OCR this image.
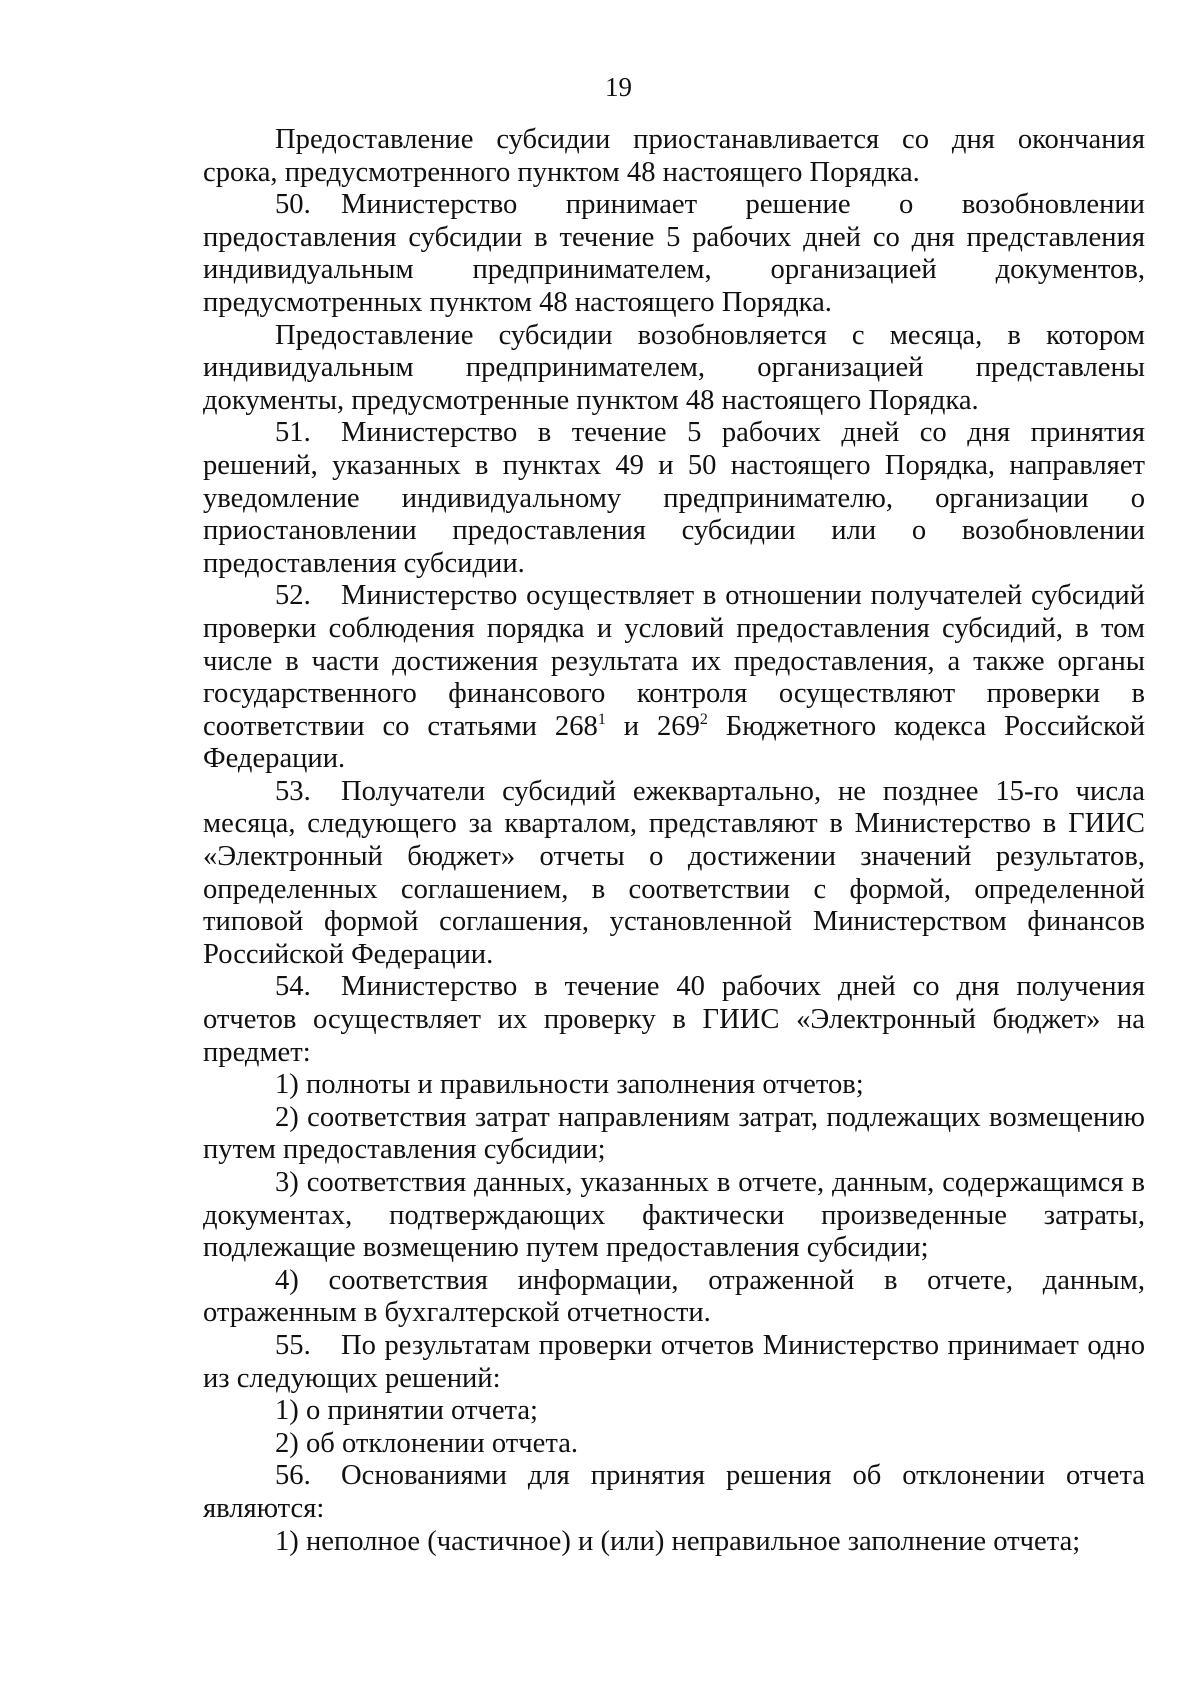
19

Предоставление субсидии приостанавливается со дня окончания срока, предусмотренного пунктом 48 настоящего Порядка.

50. Министерство принимает решение о возобновлении предоставления субсидии в течение 5 рабочих дней со дня представления индивидуальным предпринимателем, организацией документов, предусмотренных пунктом 48 настоящего Порядка.

Предоставление субсидии возобновляется с месяца, в котором индивидуальным предпринимателем, организацией представлены документы, предусмотренные пунктом 48 настоящего Порядка.

51. Министерство в течение 5 рабочих дней со дня принятия решений, указанных в пунктах 49 и 50 настоящего Порядка, направляет уведомление индивидуальному предпринимателю, организации о приостановлении предоставления субсидии или о возобновлении предоставления субсидии.

52. Министерство осуществляет в отношении получателей субсидий проверки соблюдения порядка и условий предоставления субсидий, в том числе в части достижения результата их предоставления, а также органы государственного финансового контроля осуществляют проверки в соответствии со статьями $268^1$ и $269^2$ Бюджетного кодекса Российской Федерации.

53. Получатели субсидий ежеквартально, не позднее 15-го числа месяца, следующего за кварталом, представляют в Министерство в ГИИС «Электронный бюджет» отчеты о достижении значений результатов, определенных соглашением, в соответствии с формой, определенной типовой формой соглашения, установленной Министерством финансов Российской Федерации.

54. Министерство в течение 40 рабочих дней со дня получения отчетов осуществляет их проверку в ГИИС «Электронный бюджет» на предмет:

1) полноты и правильности заполнения отчетов;

2) соответствия затрат направлениям затрат, подлежащих возмещению путем предоставления субсидии;

3) соответствия данных, указанных в отчете, данным, содержащимся в документах, подтверждающих фактически произведенные затраты, подлежащие возмещению путем предоставления субсидии;

4) соответствия информации, отраженной в отчете, данным, отраженным в бухгалтерской отчетности.

55. По результатам проверки отчетов Министерство принимает одно из следующих решений:

1) о принятии отчета;

2) об отклонении отчета.

56. Основаниями для принятия решения об отклонении отчета являются:

1) неполное (частичное) и (или) неправильное заполнение отчета;
